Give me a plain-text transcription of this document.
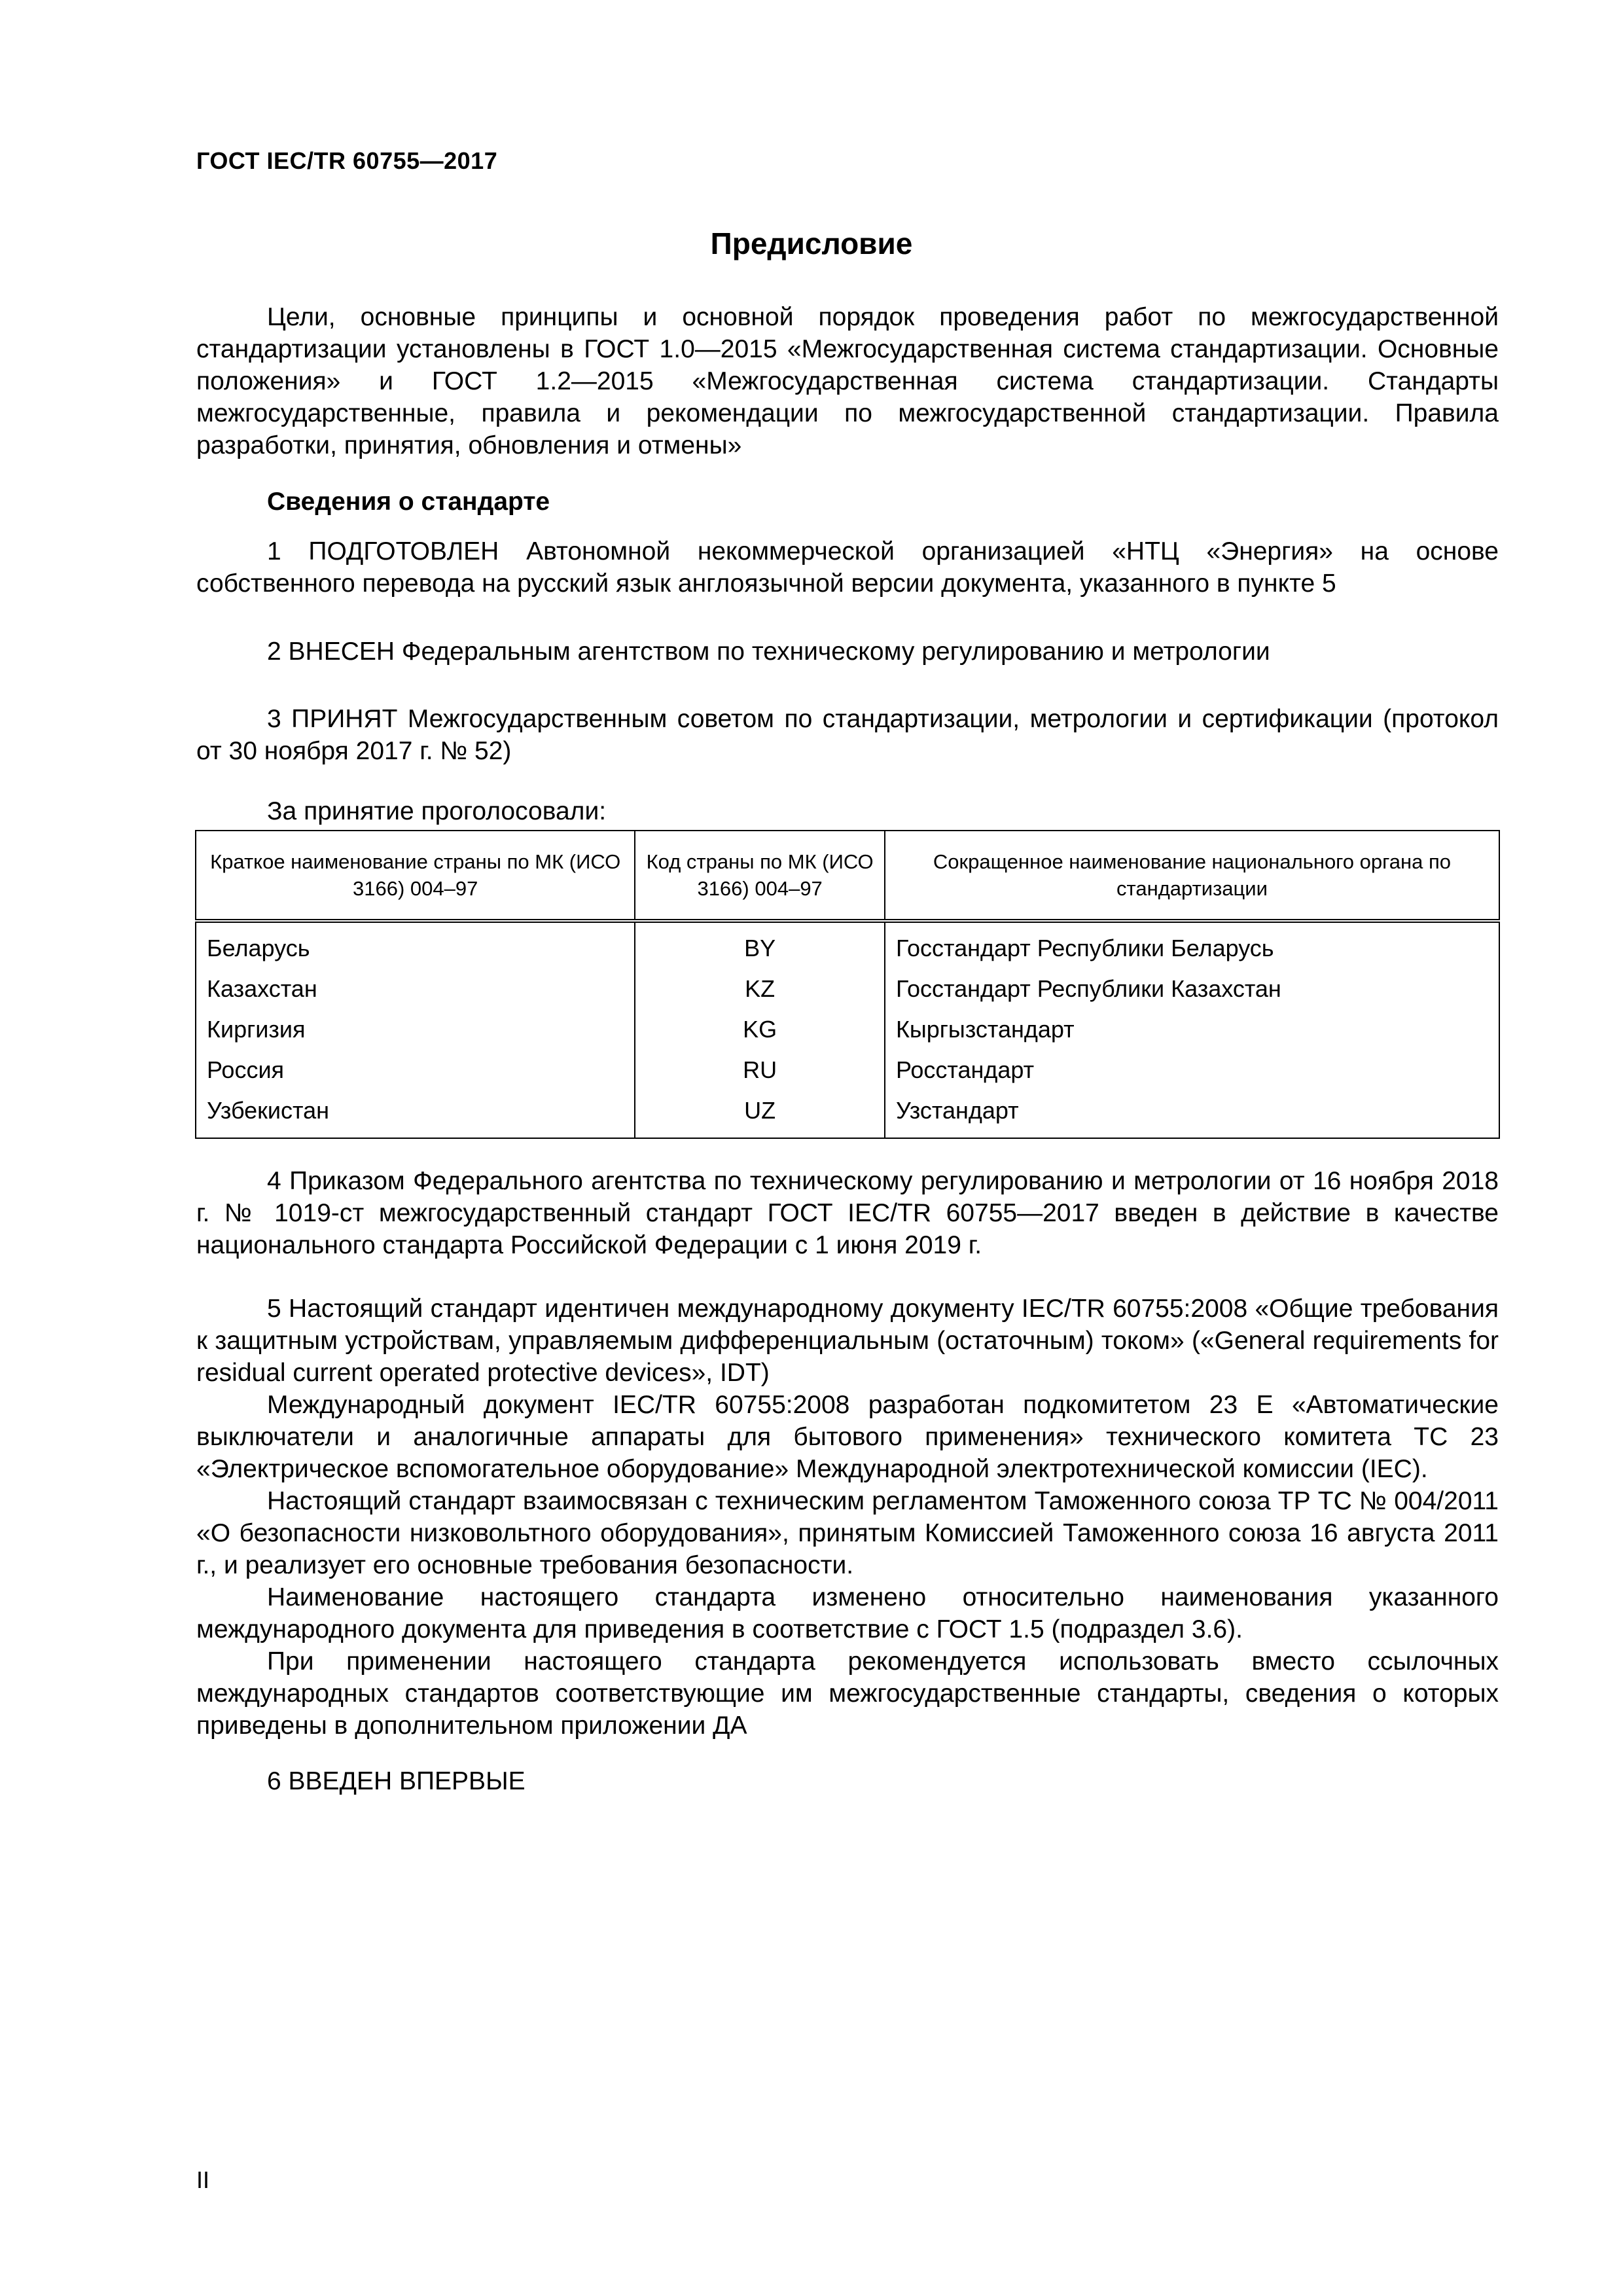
ГОСТ IEC/TR 60755—2017
Предисловие

Цели, основные принципы и основной порядок проведения работ по межгосударственной стандартизации установлены в ГОСТ 1.0—2015 «Межгосударственная система стандартизации. Основные положения» и ГОСТ 1.2—2015 «Межгосударственная система стандартизации. Стандарты межгосударственные, правила и рекомендации по межгосударственной стандартизации. Правила разработки, принятия, обновления и отмены»

Сведения о стандарте

1 ПОДГОТОВЛЕН Автономной некоммерческой организацией «НТЦ «Энергия» на основе собственного перевода на русский язык англоязычной версии документа, указанного в пункте 5

2 ВНЕСЕН Федеральным агентством по техническому регулированию и метрологии

3 ПРИНЯТ Межгосударственным советом по стандартизации, метрологии и сертификации (протокол от 30 ноября 2017 г. № 52)

За принятие проголосовали:
Краткое наименование страны по МК (ИСО 3166) 004–97	Код страны по МК (ИСО 3166) 004–97	Сокращенное наименование национального органа по стандартизации
Беларусь	BY	Госстандарт Республики Беларусь
Казахстан	KZ	Госстандарт Республики Казахстан
Киргизия	KG	Кыргызстандарт
Россия	RU	Росстандарт
Узбекистан	UZ	Узстандарт

4 Приказом Федерального агентства по техническому регулированию и метрологии от 16 ноября 2018 г. № 1019-ст межгосударственный стандарт ГОСТ IEC/TR 60755—2017 введен в действие в качестве национального стандарта Российской Федерации с 1 июня 2019 г.

5 Настоящий стандарт идентичен международному документу IEC/TR 60755:2008 «Общие требования к защитным устройствам, управляемым дифференциальным (остаточным) током» («General requirements for residual current operated protective devices», IDT)

Международный документ IEC/TR 60755:2008 разработан подкомитетом 23 Е «Автоматические выключатели и аналогичные аппараты для бытового применения» технического комитета ТС 23 «Электрическое вспомогательное оборудование» Международной электротехнической комиссии (IEC).

Настоящий стандарт взаимосвязан с техническим регламентом Таможенного союза ТР ТС № 004/2011 «О безопасности низковольтного оборудования», принятым Комиссией Таможенного союза 16 августа 2011 г., и реализует его основные требования безопасности.

Наименование настоящего стандарта изменено относительно наименования указанного международного документа для приведения в соответствие с ГОСТ 1.5 (подраздел 3.6).

При применении настоящего стандарта рекомендуется использовать вместо ссылочных международных стандартов соответствующие им межгосударственные стандарты, сведения о которых приведены в дополнительном приложении ДА

6 ВВЕДЕН ВПЕРВЫЕ
II
